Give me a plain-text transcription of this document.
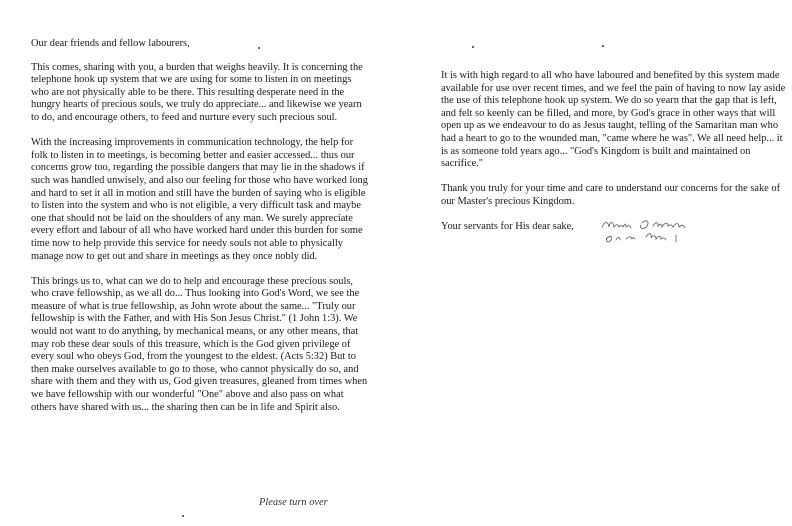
Our dear friends and fellow labourers,

This comes, sharing with you, a burden that weighs heavily. It is concerning the telephone hook up system that we are using for some to listen in on meetings who are not physically able to be there. This resulting desperate need in the hungry hearts of precious souls, we truly do appreciate... and likewise we yearn to do, and encourage others, to feed and nurture every such precious soul.

With the increasing improvements in communication technology, the help for folk to listen in to meetings, is becoming better and easier accessed... thus our concerns grow too, regarding the possible dangers that may lie in the shadows if such was handled unwisely, and also our feeling for those who have worked long and hard to set it all in motion and still have the burden of saying who is eligible to listen into the system and who is not eligible, a very difficult task and maybe one that should not be laid on the shoulders of any man. We surely appreciate every effort and labour of all who have worked hard under this burden for some time now to help provide this service for needy souls not able to physically manage now to get out and share in meetings as they once nobly did.

This brings us to, what can we do to help and encourage these precious souls, who crave fellowship, as we all do... Thus looking into God's Word, we see the measure of what is true fellowship, as John wrote about the same... "Truly our fellowship is with the Father, and with His Son Jesus Christ." (1 John 1:3). We would not want to do anything, by mechanical means, or any other means, that may rob these dear souls of this treasure, which is the God given privilege of every soul who obeys God, from the youngest to the eldest. (Acts 5:32) But to then make ourselves available to go to those, who cannot physically do so, and share with them and they with us, God given treasures, gleaned from times when we have fellowship with our wonderful "One" above and also pass on what others have shared with us... the sharing then can be in life and Spirit also.

Please turn over

It is with high regard to all who have laboured and benefited by this system made available for use over recent times, and we feel the pain of having to now lay aside the use of this telephone hook up system. We do so yearn that the gap that is left, and felt so keenly can be filled, and more, by God's grace in other ways that will open up as we endeavour to do as Jesus taught, telling of the Samaritan man who had a heart to go to the wounded man, "came where he was". We all need help... it is as someone told years ago... "God's Kingdom is built and maintained on sacrifice."

Thank you truly for your time and care to understand our concerns for the sake of our Master's precious Kingdom.

Your servants for His dear sake,
